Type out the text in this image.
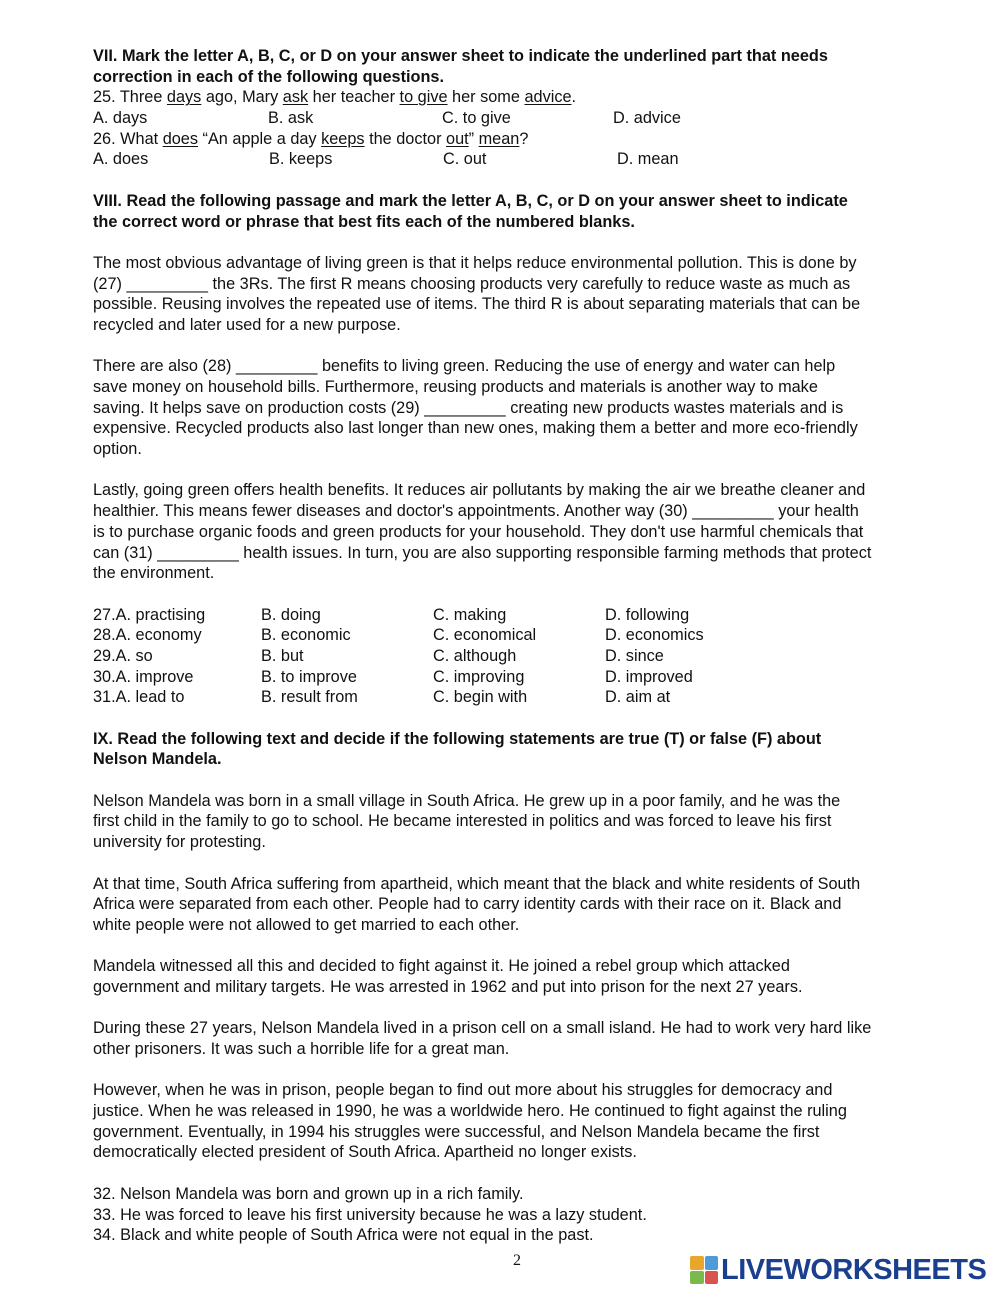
VII. Mark the letter A, B, C, or D on your answer sheet to indicate the underlined part that needs
correction in each of the following questions.
25. Three days ago, Mary ask her teacher to give her some advice.
A. days	B. ask	C. to give	D. advice
26. What does “An apple a day keeps the doctor out” mean?
A. does	B. keeps	C. out	D. mean
VIII. Read the following passage and mark the letter A, B, C, or D on your answer sheet to indicate
the correct word or phrase that best fits each of the numbered blanks.
The most obvious advantage of living green is that it helps reduce environmental pollution. This is done by
(27) _________ the 3Rs. The first R means choosing products very carefully to reduce waste as much as
possible. Reusing involves the repeated use of items. The third R is about separating materials that can be
recycled and later used for a new purpose.
There are also (28) _________ benefits to living green. Reducing the use of energy and water can help
save money on household bills. Furthermore, reusing products and materials is another way to make
saving. It helps save on production costs (29) _________ creating new products wastes materials and is
expensive. Recycled products also last longer than new ones, making them a better and more eco-friendly
option.
Lastly, going green offers health benefits. It reduces air pollutants by making the air we breathe cleaner and
healthier. This means fewer diseases and doctor's appointments. Another way (30) _________ your health
is to purchase organic foods and green products for your household. They don't use harmful chemicals that
can (31) _________ health issues. In turn, you are also supporting responsible farming methods that protect
the environment.
27.A. practising	B. doing	C. making	D. following
28.A. economy	B. economic	C. economical	D. economics
29.A. so	B. but	C. although	D. since
30.A. improve	B. to improve	C. improving	D. improved
31.A. lead to	B. result from	C. begin with	D. aim at
IX. Read the following text and decide if the following statements are true (T) or false (F) about
Nelson Mandela.
Nelson Mandela was born in a small village in South Africa. He grew up in a poor family, and he was the
first child in the family to go to school. He became interested in politics and was forced to leave his first
university for protesting.
At that time, South Africa suffering from apartheid, which meant that the black and white residents of South
Africa were separated from each other. People had to carry identity cards with their race on it. Black and
white people were not allowed to get married to each other.
Mandela witnessed all this and decided to fight against it. He joined a rebel group which attacked
government and military targets. He was arrested in 1962 and put into prison for the next 27 years.
During these 27 years, Nelson Mandela lived in a prison cell on a small island. He had to work very hard like
other prisoners. It was such a horrible life for a great man.
However, when he was in prison, people began to find out more about his struggles for democracy and
justice. When he was released in 1990, he was a worldwide hero. He continued to fight against the ruling
government. Eventually, in 1994 his struggles were successful, and Nelson Mandela became the first
democratically elected president of South Africa. Apartheid no longer exists.
32. Nelson Mandela was born and grown up in a rich family.
33. He was forced to leave his first university because he was a lazy student.
34. Black and white people of South Africa were not equal in the past.
2	LIVEWORKSHEETS
